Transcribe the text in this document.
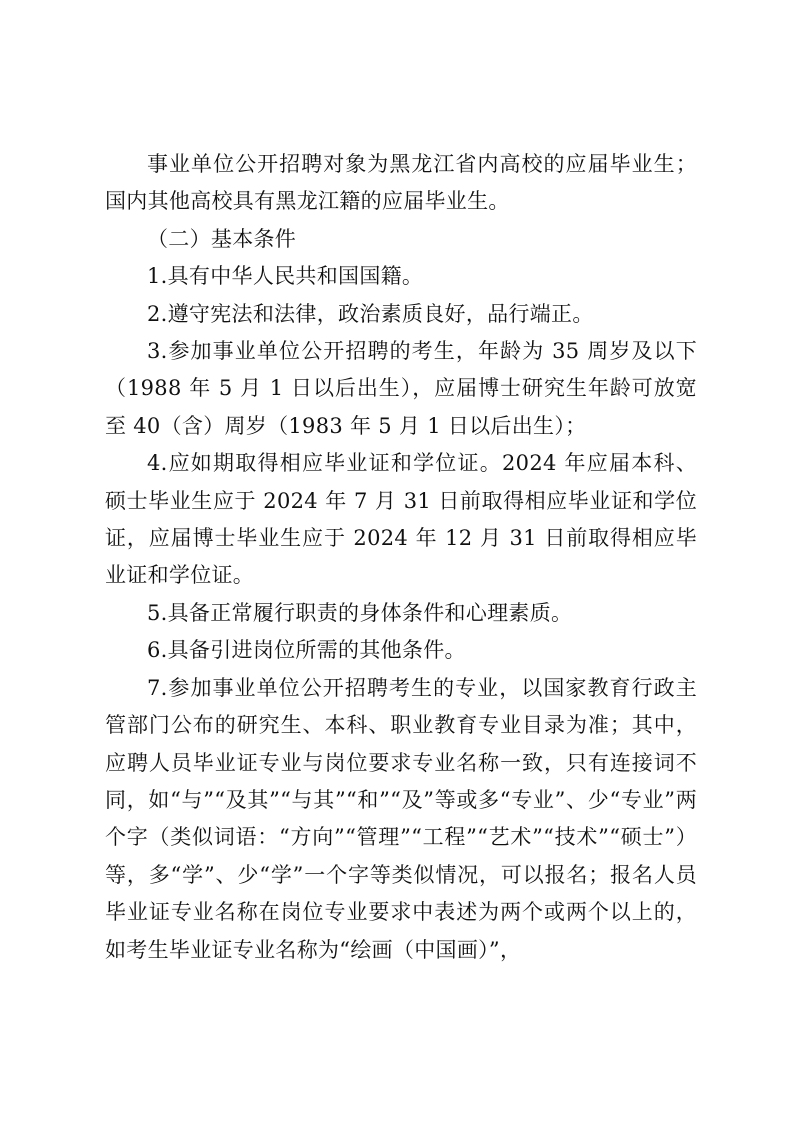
事业单位公开招聘对象为黑龙江省内高校的应届毕业生；国内其他高校具有黑龙江籍的应届毕业生。

（二）基本条件

1.具有中华人民共和国国籍。

2.遵守宪法和法律，政治素质良好，品行端正。

3.参加事业单位公开招聘的考生，年龄为 35 周岁及以下（1988 年 5 月 1 日以后出生），应届博士研究生年龄可放宽至 40（含）周岁（1983 年 5 月 1 日以后出生）；

4.应如期取得相应毕业证和学位证。2024 年应届本科、硕士毕业生应于 2024 年 7 月 31 日前取得相应毕业证和学位证，应届博士毕业生应于 2024 年 12 月 31 日前取得相应毕业证和学位证。

5.具备正常履行职责的身体条件和心理素质。

6.具备引进岗位所需的其他条件。

7.参加事业单位公开招聘考生的专业，以国家教育行政主管部门公布的研究生、本科、职业教育专业目录为准；其中，应聘人员毕业证专业与岗位要求专业名称一致，只有连接词不同，如“与”“及其”“与其”“和”“及”等或多“专业”、少“专业”两个字（类似词语：“方向”“管理”“工程”“艺术”“技术”“硕士”）等，多“学”、少“学”一个字等类似情况，可以报名；报名人员毕业证专业名称在岗位专业要求中表述为两个或两个以上的，如考生毕业证专业名称为“绘画（中国画）”，
